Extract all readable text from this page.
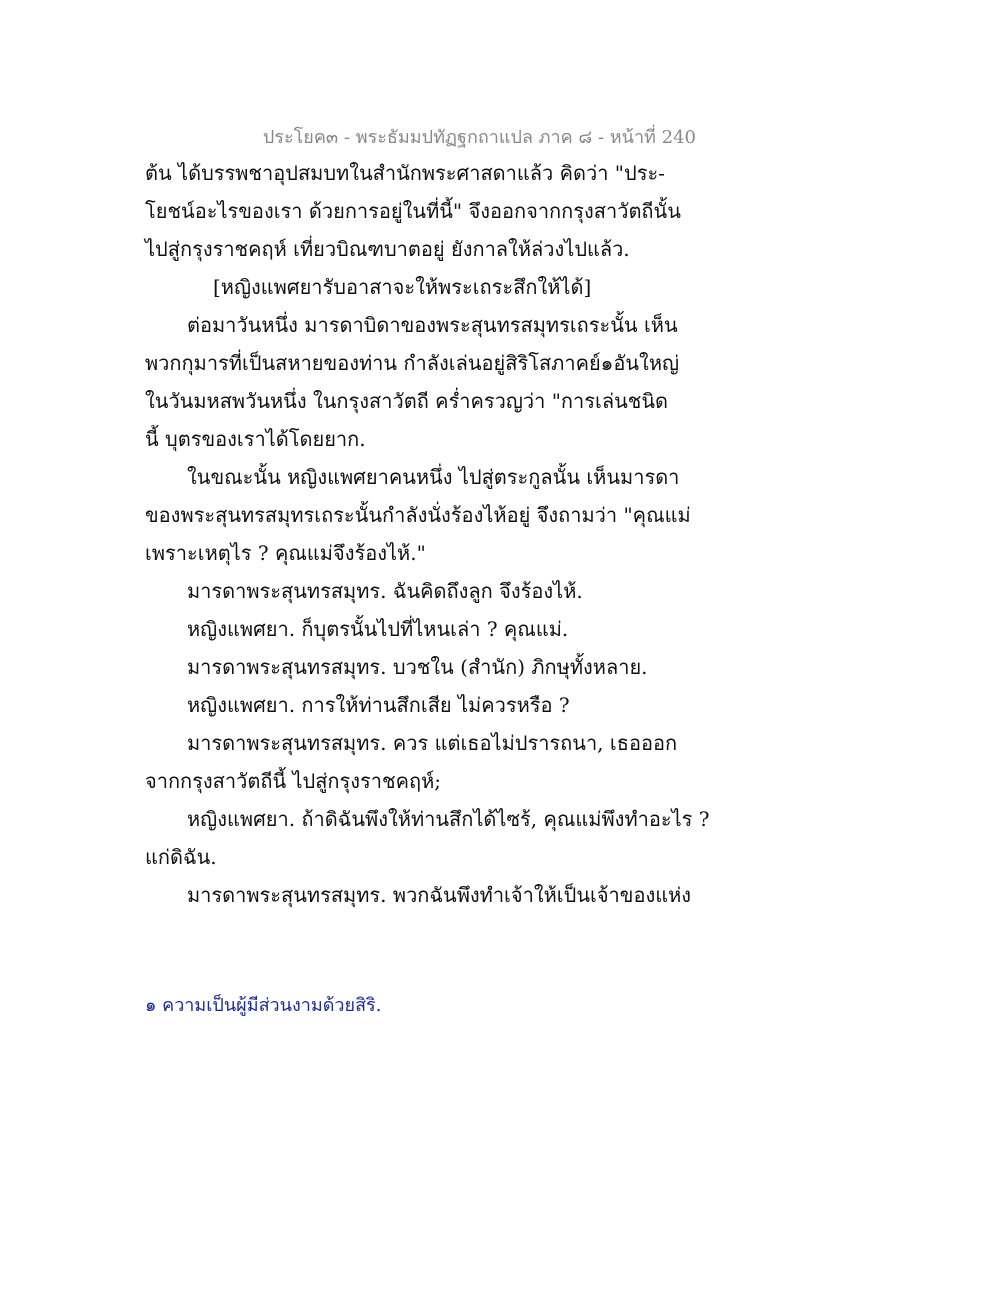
ประโยค๓ - พระธัมมปทัฏฐกถาแปล ภาค ๘ - หน้าที่ 240
ต้น ได้บรรพชาอุปสมบทในสำนักพระศาสดาแล้ว คิดว่า "ประ-
โยชน์อะไรของเรา ด้วยการอยู่ในที่นี้" จึงออกจากกรุงสาวัตถีนั้น
ไปสู่กรุงราชคฤห์ เที่ยวบิณฑบาตอยู่ ยังกาลให้ล่วงไปแล้ว.
[หญิงแพศยารับอาสาจะให้พระเถระสึกให้ได้]
ต่อมาวันหนึ่ง มารดาบิดาของพระสุนทรสมุทรเถระนั้น เห็น
พวกกุมารที่เป็นสหายของท่าน กำลังเล่นอยู่สิริโสภาคย์๑อันใหญ่
ในวันมหสพวันหนึ่ง ในกรุงสาวัตถี คร่ำครวญว่า "การเล่นชนิด
นี้ บุตรของเราได้โดยยาก.
ในขณะนั้น หญิงแพศยาคนหนึ่ง ไปสู่ตระกูลนั้น เห็นมารดา
ของพระสุนทรสมุทรเถระนั้นกำลังนั่งร้องไห้อยู่ จึงถามว่า "คุณแม่
เพราะเหตุไร ? คุณแม่จึงร้องไห้."
มารดาพระสุนทรสมุทร. ฉันคิดถึงลูก จึงร้องไห้.
หญิงแพศยา. ก็บุตรนั้นไปที่ไหนเล่า ? คุณแม่.
มารดาพระสุนทรสมุทร. บวชใน (สำนัก) ภิกษุทั้งหลาย.
หญิงแพศยา. การให้ท่านสึกเสีย ไม่ควรหรือ ?
มารดาพระสุนทรสมุทร. ควร แต่เธอไม่ปรารถนา, เธอออก
จากกรุงสาวัตถีนี้ ไปสู่กรุงราชคฤห์;
หญิงแพศยา. ถ้าดิฉันพึงให้ท่านสึกได้ไซร้, คุณแม่พึงทำอะไร ?
แก่ดิฉัน.
มารดาพระสุนทรสมุทร. พวกฉันพึงทำเจ้าให้เป็นเจ้าของแห่ง
๑ ความเป็นผู้มีส่วนงามด้วยสิริ.
